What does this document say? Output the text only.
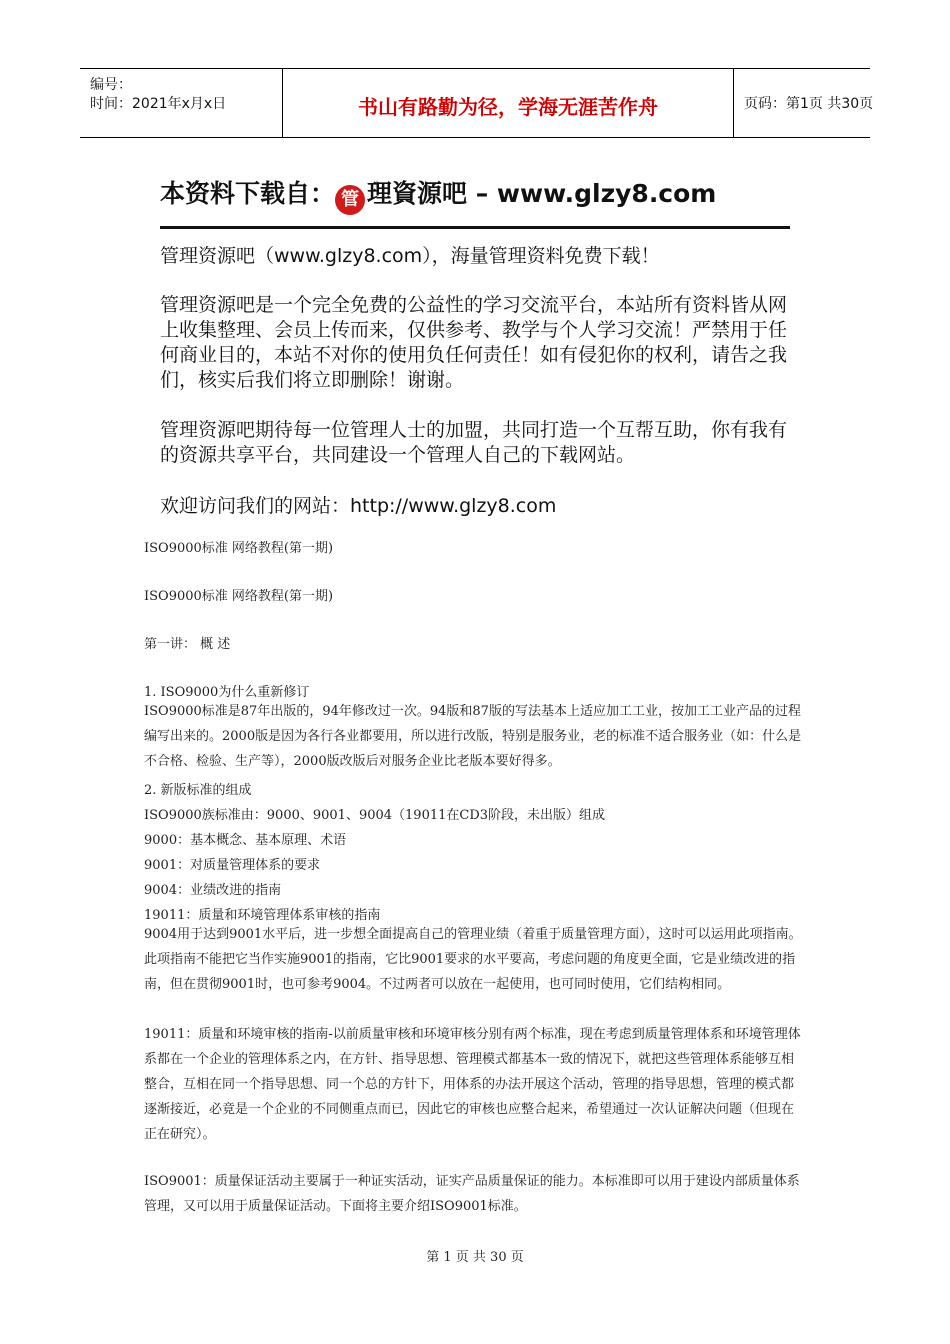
编号：
时间：2021年x月x日	书山有路勤为径，学海无涯苦作舟	页码：第1页 共30页
本资料下载自： 管 理資源吧 – www.glzy8.com
管理资源吧（www.glzy8.com），海量管理资料免费下载！
管理资源吧是一个完全免费的公益性的学习交流平台，本站所有资料皆从网上收集整理、会员上传而来，仅供参考、教学与个人学习交流！严禁用于任何商业目的，本站不对你的使用负任何责任！如有侵犯你的权利，请告之我们，核实后我们将立即删除！谢谢。
管理资源吧期待每一位管理人士的加盟，共同打造一个互帮互助，你有我有的资源共享平台，共同建设一个管理人自己的下载网站。
欢迎访问我们的网站：http://www.glzy8.com
ISO9000标准 网络教程(第一期)
ISO9000标准 网络教程(第一期)
第一讲： 概 述
1. ISO9000为什么重新修订
ISO9000标准是87年出版的，94年修改过一次。94版和87版的写法基本上适应加工工业，按加工工业产品的过程编写出来的。2000版是因为各行各业都要用，所以进行改版，特别是服务业，老的标准不适合服务业（如：什么是不合格、检验、生产等），2000版改版后对服务企业比老版本要好得多。
2. 新版标准的组成
ISO9000族标准由：9000、9001、9004（19011在CD3阶段，未出版）组成
9000：基本概念、基本原理、术语
9001：对质量管理体系的要求
9004：业绩改进的指南
19011：质量和环境管理体系审核的指南
9004用于达到9001水平后，进一步想全面提高自己的管理业绩（着重于质量管理方面），这时可以运用此项指南。此项指南不能把它当作实施9001的指南，它比9001要求的水平要高，考虑问题的角度更全面，它是业绩改进的指南，但在贯彻9001时，也可参考9004。不过两者可以放在一起使用，也可同时使用，它们结构相同。
19011：质量和环境审核的指南-以前质量审核和环境审核分别有两个标准，现在考虑到质量管理体系和环境管理体系都在一个企业的管理体系之内，在方针、指导思想、管理模式都基本一致的情况下，就把这些管理体系能够互相整合，互相在同一个指导思想、同一个总的方针下，用体系的办法开展这个活动，管理的指导思想，管理的模式都逐渐接近，必竟是一个企业的不同侧重点而已，因此它的审核也应整合起来，希望通过一次认证解决问题（但现在正在研究）。
ISO9001：质量保证活动主要属于一种证实活动，证实产品质量保证的能力。本标准即可以用于建设内部质量体系管理，又可以用于质量保证活动。下面将主要介绍ISO9001标准。
第 1 页 共 30 页
